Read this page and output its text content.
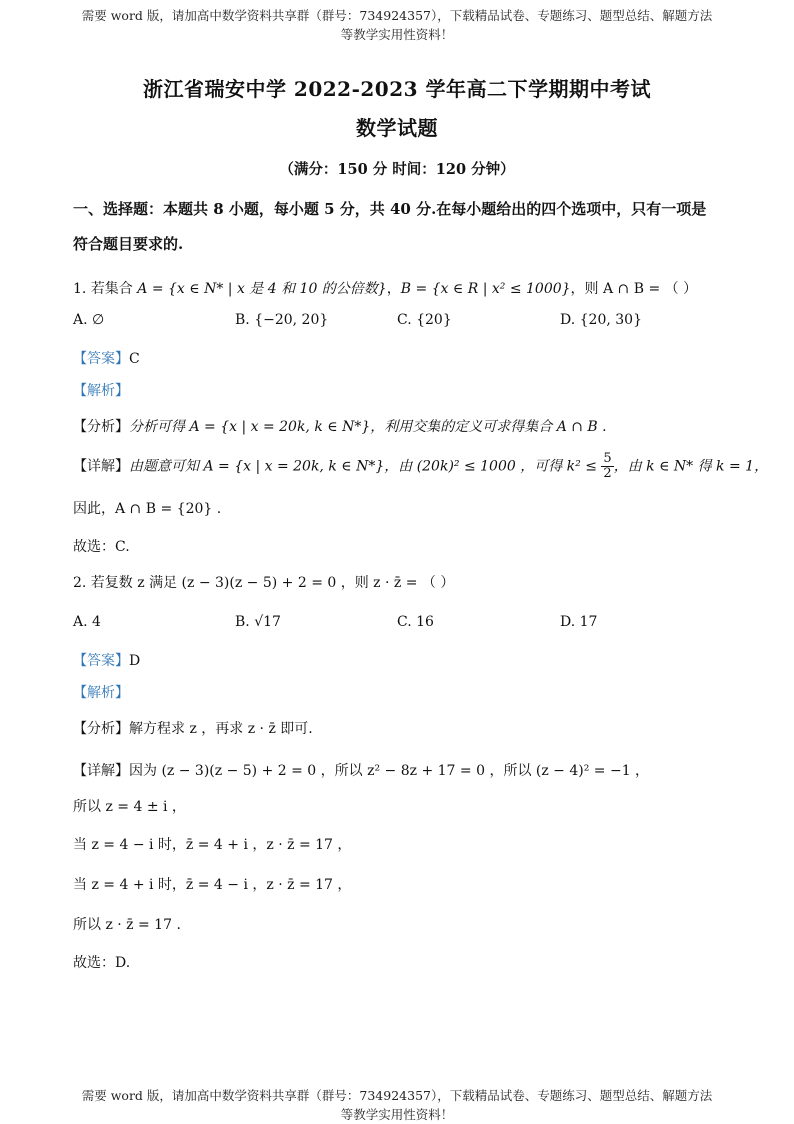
需要 word 版，请加高中数学资料共享群（群号：734924357），下载精品试卷、专题练习、题型总结、解题方法
等教学实用性资料！
浙江省瑞安中学 2022-2023 学年高二下学期期中考试
数学试题
（满分：150 分 时间：120 分钟）
一、选择题：本题共 8 小题，每小题 5 分，共 40 分.在每小题给出的四个选项中，只有一项是
符合题目要求的.
1. 若集合 A = {x ∈ N* | x 是 4 和 10 的公倍数}，B = {x ∈ R | x² ≤ 1000}，则 A ∩ B = （ ）
A. ∅	B. {−20, 20}	C. {20}	D. {20, 30}
【答案】C
【解析】
【分析】分析可得 A = {x | x = 20k, k ∈ N*}，利用交集的定义可求得集合 A ∩ B .
【详解】由题意可知 A = {x | x = 20k, k ∈ N*}，由 (20k)² ≤ 1000 ，可得 $k^2 \le \frac{5}{2}$ ，由 k ∈ N* 得 k = 1，
因此，A ∩ B = {20} .
故选：C.
2. 若复数 z 满足 (z − 3)(z − 5) + 2 = 0 ，则 z · z̄ = （ ）
A. 4	B. √17	C. 16	D. 17
【答案】D
【解析】
【分析】解方程求 z ，再求 z · z̄ 即可.
【详解】因为 (z − 3)(z − 5) + 2 = 0 ，所以 z² − 8z + 17 = 0 ，所以 (z − 4)² = −1 ，
所以 z = 4 ± i ，
当 z = 4 − i 时，z̄ = 4 + i ，z · z̄ = 17 ，
当 z = 4 + i 时，z̄ = 4 − i ，z · z̄ = 17 ，
所以 z · z̄ = 17 .
故选：D.
需要 word 版，请加高中数学资料共享群（群号：734924357），下载精品试卷、专题练习、题型总结、解题方法
等教学实用性资料！
